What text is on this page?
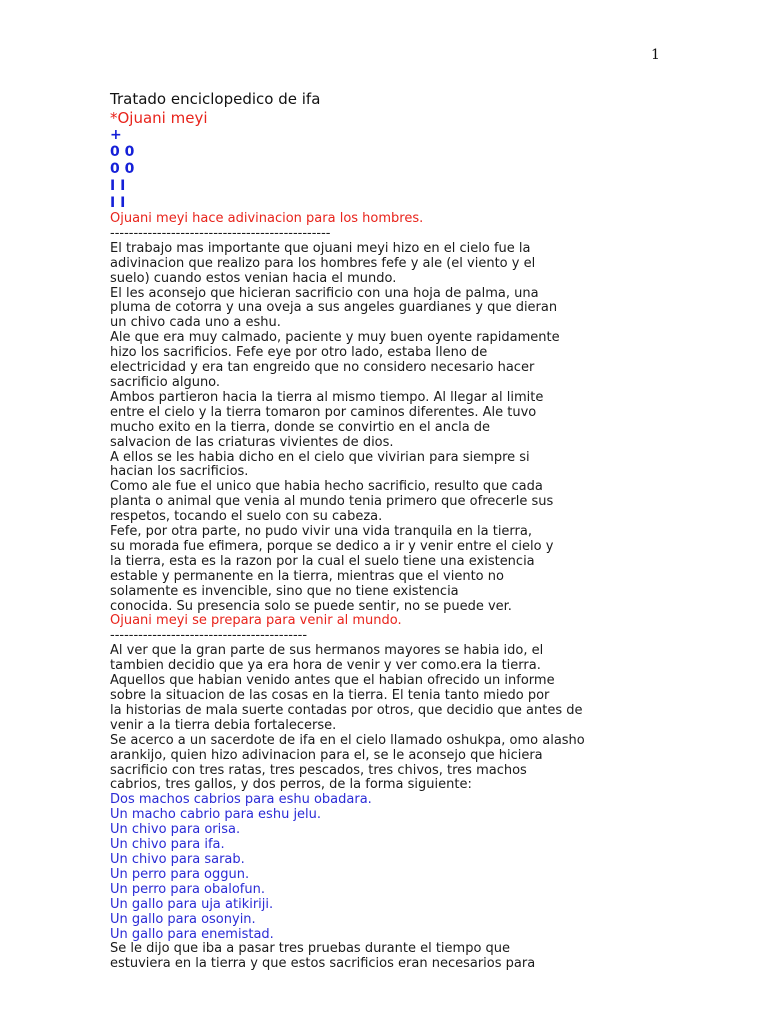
1
Tratado enciclopedico de ifa
*Ojuani meyi
+
0 0
0 0
I I
I I
Ojuani meyi hace adivinacion para los hombres.
-----------------------------------------------
El trabajo mas importante que ojuani meyi hizo en el cielo fue la
adivinacion que realizo para los hombres fefe y ale (el viento y el
suelo) cuando estos venian hacia el mundo.
El les aconsejo que hicieran sacrificio con una hoja de palma, una
pluma de cotorra y una oveja a sus angeles guardianes y que dieran
un chivo cada uno a eshu.
Ale que era muy calmado, paciente y muy buen oyente rapidamente
hizo los sacrificios. Fefe eye por otro lado, estaba lleno de
electricidad y era tan engreido que no considero necesario hacer
sacrificio alguno.
Ambos partieron hacia la tierra al mismo tiempo. Al llegar al limite
entre el cielo y la tierra tomaron por caminos diferentes. Ale tuvo
mucho exito en la tierra, donde se convirtio en el ancla de
salvacion de las criaturas vivientes de dios.
A ellos se les habia dicho en el cielo que vivirian para siempre si
hacian los sacrificios.
Como ale fue el unico que habia hecho sacrificio, resulto que cada
planta o animal que venia al mundo tenia primero que ofrecerle sus
respetos, tocando el suelo con su cabeza.
Fefe, por otra parte, no pudo vivir una vida tranquila en la tierra,
su morada fue efimera, porque se dedico a ir y venir entre el cielo y
la tierra, esta es la razon por la cual el suelo tiene una existencia
estable y permanente en la tierra, mientras que el viento no
solamente es invencible, sino que no tiene existencia
conocida. Su presencia solo se puede sentir, no se puede ver.
Ojuani meyi se prepara para venir al mundo.
------------------------------------------
Al ver que la gran parte de sus hermanos mayores se habia ido, el
tambien decidio que ya era hora de venir y ver como.era la tierra.
Aquellos que habian venido antes que el habian ofrecido un informe
sobre la situacion de las cosas en la tierra. El tenia tanto miedo por
la historias de mala suerte contadas por otros, que decidio que antes de
venir a la tierra debia fortalecerse.
Se acerco a un sacerdote de ifa en el cielo llamado oshukpa, omo alasho
arankijo, quien hizo adivinacion para el, se le aconsejo que hiciera
sacrificio con tres ratas, tres pescados, tres chivos, tres machos
cabrios, tres gallos, y dos perros, de la forma siguiente:
Dos machos cabrios para eshu obadara.
Un macho cabrio para eshu jelu.
Un chivo para orisa.
Un chivo para ifa.
Un chivo para sarab.
Un perro para oggun.
Un perro para obalofun.
Un gallo para uja atikiriji.
Un gallo para osonyin.
Un gallo para enemistad.
Se le dijo que iba a pasar tres pruebas durante el tiempo que
estuviera en la tierra y que estos sacrificios eran necesarios para
